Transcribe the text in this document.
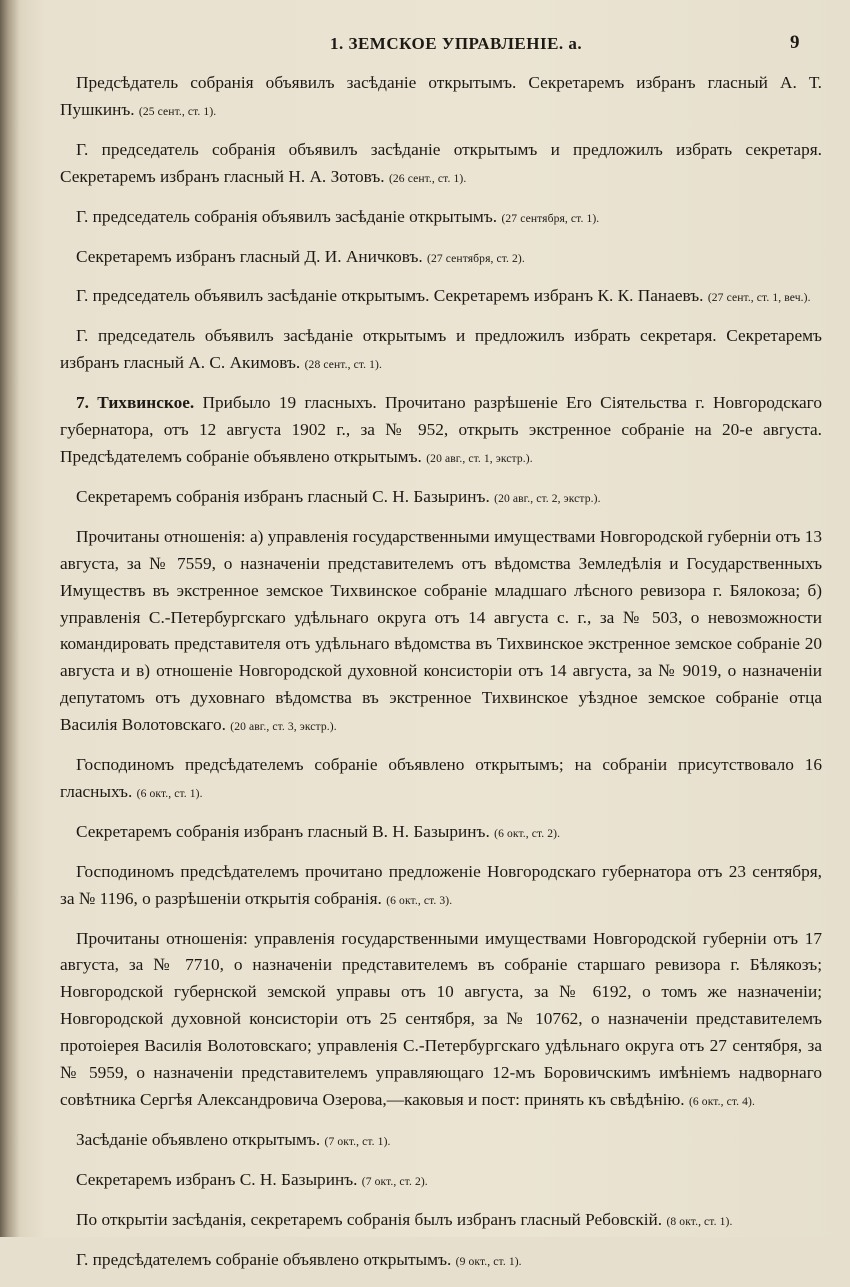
1. ЗЕМСКОЕ УПРАВЛЕНІЕ. а.	9

Предсѣдатель собранія объявилъ засѣданіе открытымъ. Секретаремъ избранъ гласный А. Т. Пушкинъ. (25 сент., ст. 1).

Г. председатель собранія объявилъ засѣданіе открытымъ и предложилъ избрать секретаря. Секретаремъ избранъ гласный Н. А. Зотовъ. (26 сент., ст. 1).

Г. председатель собранія объявилъ засѣданіе открытымъ. (27 сентября, ст. 1).

Секретаремъ избранъ гласный Д. И. Аничковъ. (27 сентября, ст. 2).

Г. председатель объявилъ засѣданіе открытымъ. Секретаремъ избранъ К. К. Панаевъ. (27 сент., ст. 1, веч.).

Г. председатель объявилъ засѣданіе открытымъ и предложилъ избрать секретаря. Секретаремъ избранъ гласный А. С. Акимовъ. (28 сент., ст. 1).

7. Тихвинское. Прибыло 19 гласныхъ. Прочитано разрѣшеніе Его Сіятельства г. Новгородскаго губернатора, отъ 12 августа 1902 г., за № 952, открыть экстренное собраніе на 20-е августа. Предсѣдателемъ собраніе объявлено открытымъ. (20 авг., ст. 1, экстр.).

Секретаремъ собранія избранъ гласный С. Н. Базыринъ. (20 авг., ст. 2, экстр.).

Прочитаны отношенія: а) управленія государственными имуществами Новгородской губерніи отъ 13 августа, за № 7559, о назначеніи представителемъ отъ вѣдомства Земледѣлія и Государственныхъ Имуществъ въ экстренное земское Тихвинское собраніе младшаго лѣсного ревизора г. Бялокоза; б) управленія С.-Петербургскаго удѣльнаго округа отъ 14 августа с. г., за № 503, о невозможности командировать представителя отъ удѣльнаго вѣдомства въ Тихвинское экстренное земское собраніе 20 августа и в) отношеніе Новгородской духовной консисторіи отъ 14 августа, за № 9019, о назначеніи депутатомъ отъ духовнаго вѣдомства въ экстренное Тихвинское уѣздное земское собраніе отца Василія Волотовскаго. (20 авг., ст. 3, экстр.).

Господиномъ предсѣдателемъ собраніе объявлено открытымъ; на собраніи присутствовало 16 гласныхъ. (6 окт., ст. 1).

Секретаремъ собранія избранъ гласный В. Н. Базыринъ. (6 окт., ст. 2).

Господиномъ предсѣдателемъ прочитано предложеніе Новгородскаго губернатора отъ 23 сентября, за № 1196, о разрѣшеніи открытія собранія. (6 окт., ст. 3).

Прочитаны отношенія: управленія государственными имуществами Новгородской губерніи отъ 17 августа, за № 7710, о назначеніи представителемъ въ собраніе старшаго ревизора г. Бѣлякозъ; Новгородской губернской земской управы отъ 10 августа, за № 6192, о томъ же назначеніи; Новгородской духовной консисторіи отъ 25 сентября, за № 10762, о назначеніи представителемъ протоіерея Василія Волотовскаго; управленія С.-Петербургскаго удѣльнаго округа отъ 27 сентября, за № 5959, о назначеніи представителемъ управляющаго 12-мъ Боровичскимъ имѣніемъ надворнаго совѣтника Сергѣя Александровича Озерова,—каковыя и пост: принять къ свѣдѣнію. (6 окт., ст. 4).

Засѣданіе объявлено открытымъ. (7 окт., ст. 1).

Секретаремъ избранъ С. Н. Базыринъ. (7 окт., ст. 2).

По открытіи засѣданія, секретаремъ собранія былъ избранъ гласный Ребовскій. (8 окт., ст. 1).

Г. предсѣдателемъ собраніе объявлено открытымъ. (9 окт., ст. 1).
